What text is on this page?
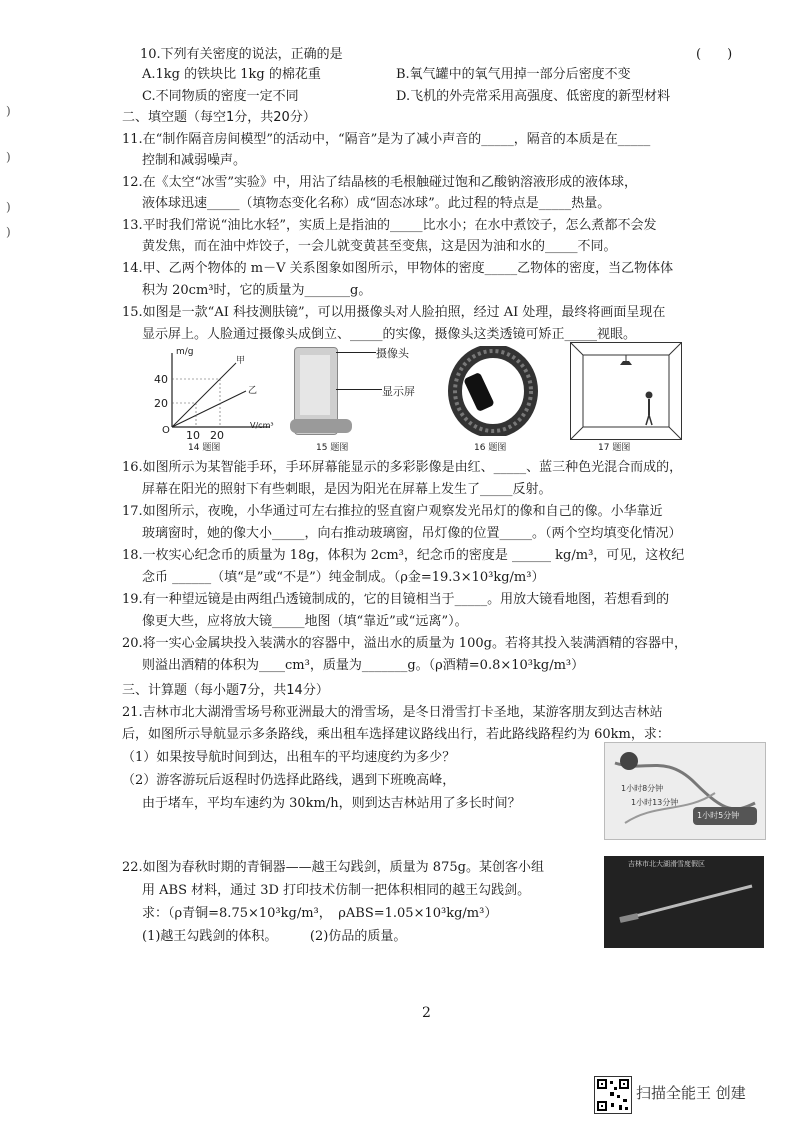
)
)
)
)
10.下列有关密度的说法，正确的是	(　　)
A.1kg 的铁块比 1kg 的棉花重	B.氧气罐中的氧气用掉一部分后密度不变
C.不同物质的密度一定不同	D.飞机的外壳常采用高强度、低密度的新型材料
二、填空题（每空1分，共20分）
11.在“制作隔音房间模型”的活动中，“隔音”是为了减小声音的_____，隔音的本质是在_____
控制和减弱噪声。
12.在《太空“冰雪”实验》中，用沾了结晶核的毛根触碰过饱和乙酸钠溶液形成的液体球，
液体球迅速_____（填物态变化名称）成“固态冰球”。此过程的特点是_____热量。
13.平时我们常说“油比水轻”，实质上是指油的_____比水小；在水中煮饺子，怎么煮都不会发
黄发焦，而在油中炸饺子，一会儿就变黄甚至变焦，这是因为油和水的_____不同。
14.甲、乙两个物体的 m－V 关系图象如图所示，甲物体的密度_____乙物体的密度，当乙物体体
积为 20cm³时，它的质量为_______g。
15.如图是一款“AI 科技测肤镜”，可以用摄像头对人脸拍照，经过 AI 处理，最终将画面呈现在
显示屏上。人脸通过摄像头成倒立、_____的实像，摄像头这类透镜可矫正_____视眼。
m/g
40
20
O 10 20
V/cm³
甲
乙
14 题图
摄像头
显示屏
15 题图	16 题图	17 题图
16.如图所示为某智能手环，手环屏幕能显示的多彩影像是由红、_____、蓝三种色光混合而成的，
屏幕在阳光的照射下有些刺眼，是因为阳光在屏幕上发生了_____反射。
17.如图所示，夜晚，小华通过可左右推拉的竖直窗户观察发光吊灯的像和自己的像。小华靠近
玻璃窗时，她的像大小_____，向右推动玻璃窗，吊灯像的位置_____。（两个空均填变化情况）
18.一枚实心纪念币的质量为 18g，体积为 2cm³，纪念币的密度是 ______ kg/m³，可见，这枚纪
念币 ______（填“是”或“不是”）纯金制成。（ρ金=19.3×10³kg/m³）
19.有一种望远镜是由两组凸透镜制成的，它的目镜相当于_____。用放大镜看地图，若想看到的
像更大些，应将放大镜_____地图（填“靠近”或“远离”）。
20.将一实心金属块投入装满水的容器中，溢出水的质量为 100g。若将其投入装满酒精的容器中，
则溢出酒精的体积为____cm³，质量为_______g。（ρ酒精=0.8×10³kg/m³）
三、计算题（每小题7分，共14分）
21.吉林市北大湖滑雪场号称亚洲最大的滑雪场，是冬日滑雪打卡圣地，某游客朋友到达吉林站
后，如图所示导航显示多条路线，乘出租车选择建议路线出行，若此路线路程约为 60km，求：
（1）如果按导航时间到达，出租车的平均速度约为多少？
（2）游客游玩后返程时仍选择此路线，遇到下班晚高峰，
由于堵车，平均车速约为 30km/h，则到达吉林站用了多长时间？
1小时8分钟
1小时13分钟
1小时5分钟
22.如图为春秋时期的青铜器——越王勾践剑，质量为 875g。某创客小组
用 ABS 材料，通过 3D 打印技术仿制一把体积相同的越王勾践剑。
求：（ρ青铜=8.75×10³kg/m³，　ρABS=1.05×10³kg/m³）
(1)越王勾践剑的体积。　　　(2)仿品的质量。
吉林市北大湖滑雪度假区
2
扫描全能王 创建
